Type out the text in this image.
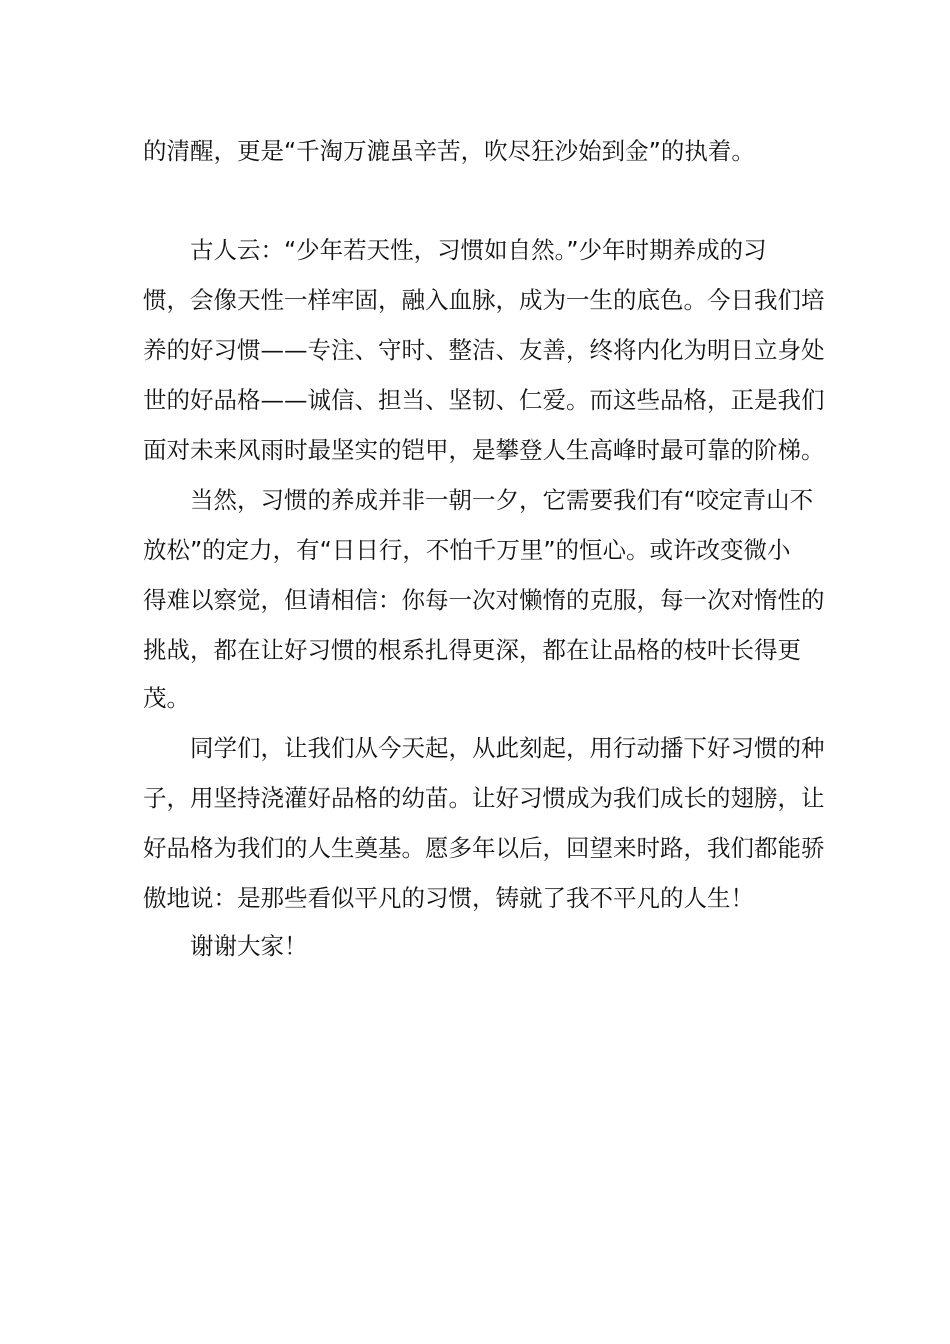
的清醒，更是“千淘万漉虽辛苦，吹尽狂沙始到金”的执着。
古人云：“少年若天性，习惯如自然。”少年时期养成的习
惯，会像天性一样牢固，融入血脉，成为一生的底色。今日我们培
养的好习惯——专注、守时、整洁、友善，终将内化为明日立身处
世的好品格——诚信、担当、坚韧、仁爱。而这些品格，正是我们
面对未来风雨时最坚实的铠甲，是攀登人生高峰时最可靠的阶梯。
当然，习惯的养成并非一朝一夕，它需要我们有“咬定青山不
放松”的定力，有“日日行，不怕千万里”的恒心。或许改变微小
得难以察觉，但请相信：你每一次对懒惰的克服，每一次对惰性的
挑战，都在让好习惯的根系扎得更深，都在让品格的枝叶长得更
茂。
同学们，让我们从今天起，从此刻起，用行动播下好习惯的种
子，用坚持浇灌好品格的幼苗。让好习惯成为我们成长的翅膀，让
好品格为我们的人生奠基。愿多年以后，回望来时路，我们都能骄
傲地说：是那些看似平凡的习惯，铸就了我不平凡的人生！
谢谢大家！
